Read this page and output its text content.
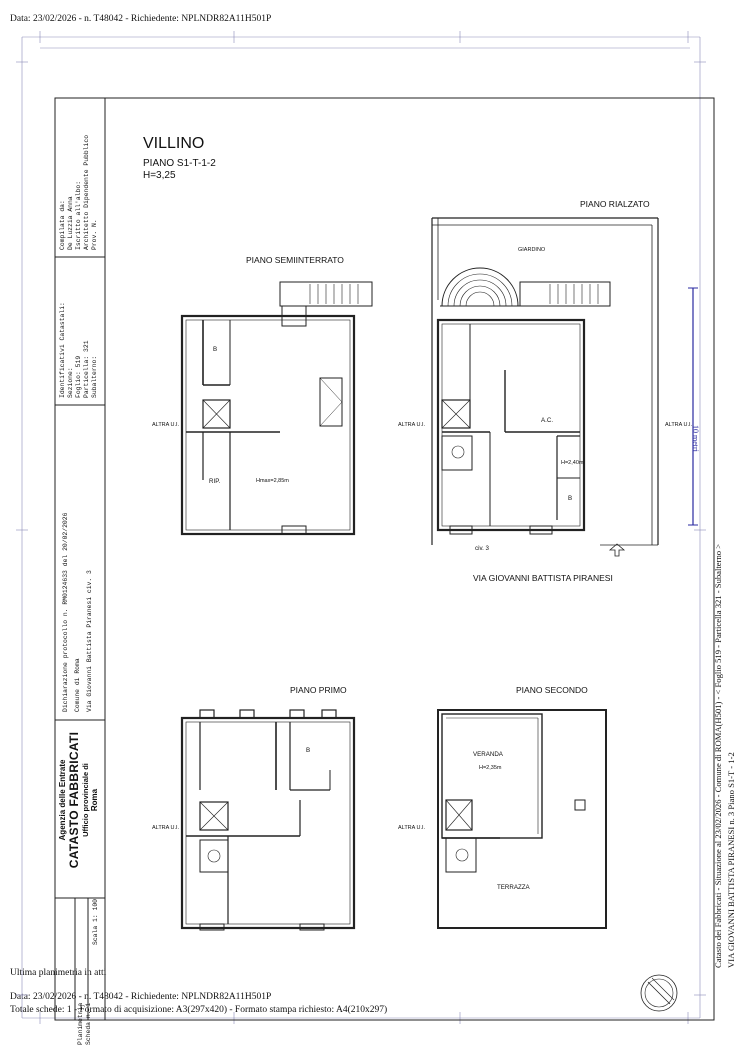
Data: 23/02/2026 - n. T48042 - Richiedente: NPLNDR82A11H501P
Ultima planimetria in atti
Data: 23/02/2026 - n. T48042 - Richiedente: NPLNDR82A11H501P
Totale schede: 1 - Formato di acquisizione: A3(297x420) - Formato stampa richiesto: A4(210x297)
VILLINO
PIANO S1-T-1-2
H=3,25
PIANO SEMIINTERRATO
PIANO RIALZATO
PIANO PRIMO	PIANO SECONDO
GIARDINO
ALTRA U.I.	ALTRA U.I.	ALTRA U.I.
ALTRA U.I.	ALTRA U.I.
B
RIP.	Hmax=2,85m
A.C.
H=2,40m
B
civ. 3
VIA GIOVANNI BATTISTA PIRANESI
B
VERANDA
H=2,35m
TERRAZZA
10 metri
Compilata da: De Luzzia Anna Iscritto all'albo: Architetto Dipendente Pubblico Prov. N.
Identificativi Catastali: Sezione: Foglio: 519 Particella: 321 Subalterno:
Dichiarazione protocollo n. RM0124633 del 20/02/2026 Comune di Roma Via Giovanni Battista Piranesi civ. 3
Agenzia delle Entrate CATASTO FABBRICATI Ufficio provinciale di Roma
Planimetria Scheda n. 1
Scala 1: 100	Catasto dei Fabbricati - Situazione al 23/02/2026 - Comune di ROMA(H501) - < Foglio 519 - Particella 321 - Subalterno > VIA GIOVANNI BATTISTA PIRANESI n. 3 Piano S1-T - 1-2
